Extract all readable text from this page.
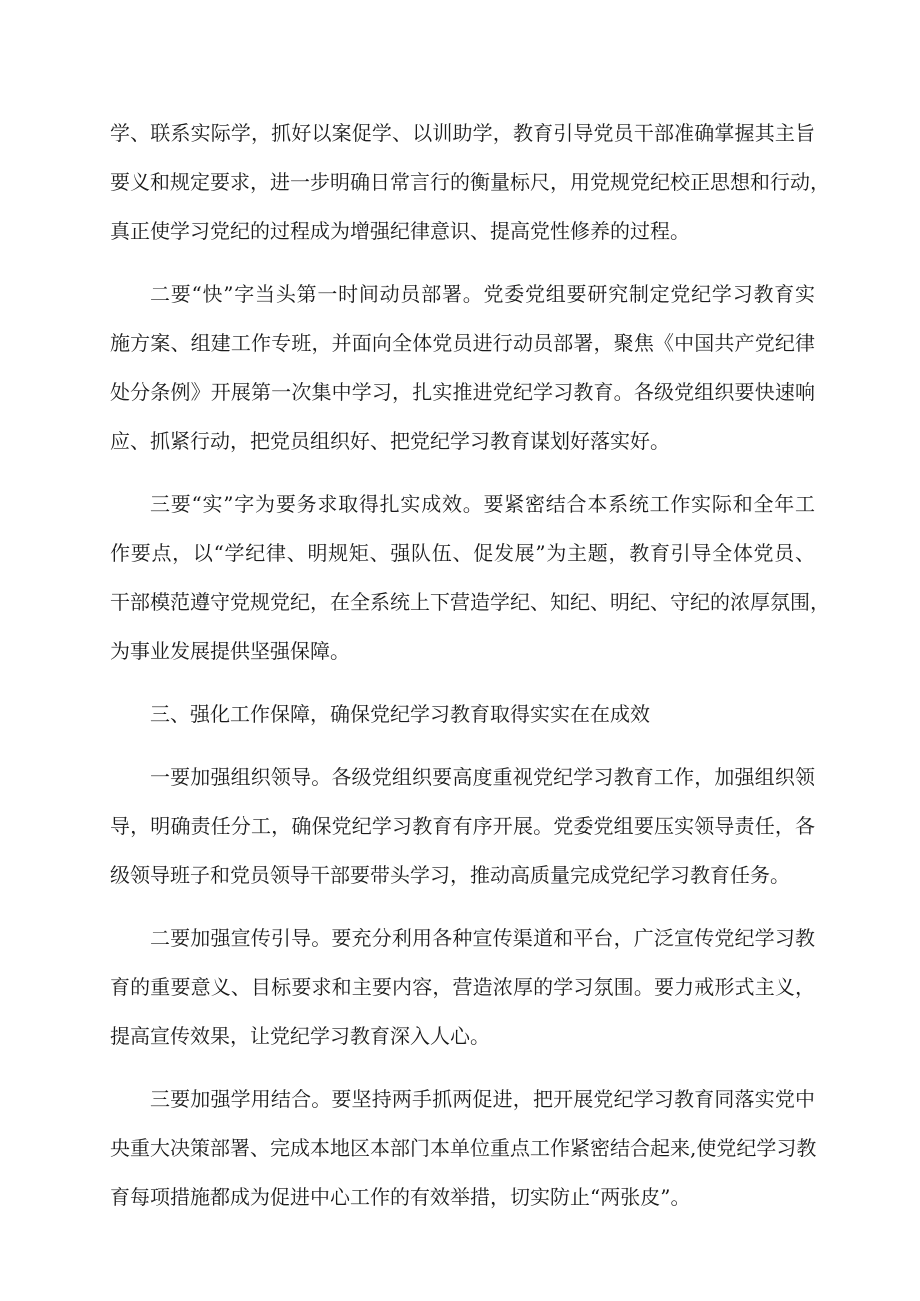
学、联系实际学，抓好以案促学、以训助学，教育引导党员干部准确掌握其主旨
要义和规定要求，进一步明确日常言行的衡量标尺，用党规党纪校正思想和行动，
真正使学习党纪的过程成为增强纪律意识、提高党性修养的过程。
二要“快”字当头第一时间动员部署。党委党组要研究制定党纪学习教育实
施方案、组建工作专班，并面向全体党员进行动员部署，聚焦《中国共产党纪律
处分条例》开展第一次集中学习，扎实推进党纪学习教育。各级党组织要快速响
应、抓紧行动，把党员组织好、把党纪学习教育谋划好落实好。
三要“实”字为要务求取得扎实成效。要紧密结合本系统工作实际和全年工
作要点，以“学纪律、明规矩、强队伍、促发展”为主题，教育引导全体党员、
干部模范遵守党规党纪，在全系统上下营造学纪、知纪、明纪、守纪的浓厚氛围，
为事业发展提供坚强保障。
三、强化工作保障，确保党纪学习教育取得实实在在成效
一要加强组织领导。各级党组织要高度重视党纪学习教育工作，加强组织领
导，明确责任分工，确保党纪学习教育有序开展。党委党组要压实领导责任，各
级领导班子和党员领导干部要带头学习，推动高质量完成党纪学习教育任务。
二要加强宣传引导。要充分利用各种宣传渠道和平台，广泛宣传党纪学习教
育的重要意义、目标要求和主要内容，营造浓厚的学习氛围。要力戒形式主义，
提高宣传效果，让党纪学习教育深入人心。
三要加强学用结合。要坚持两手抓两促进，把开展党纪学习教育同落实党中
央重大决策部署、完成本地区本部门本单位重点工作紧密结合起来,使党纪学习教
育每项措施都成为促进中心工作的有效举措，切实防止“两张皮”。
